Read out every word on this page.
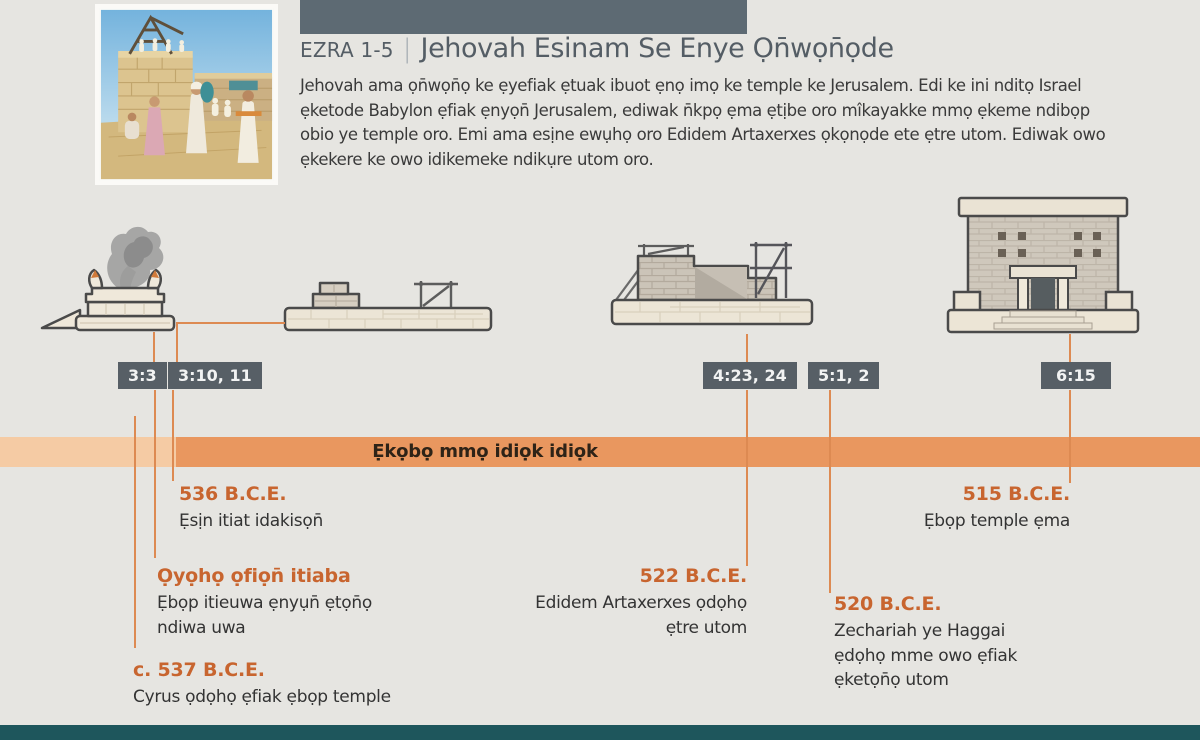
EZRA 1-5 | Jehovah Esinam Se Enye Ọn̄wọn̄ọde

Jehovah ama ọn̄wọn̄ọ ke ẹyefiak ẹtuak ibuot ẹnọ imọ ke temple ke Jerusalem. Edi ke ini nditọ Israel ẹketode Babylon ẹfiak ẹnyọn̄ Jerusalem, ediwak n̄kpọ ẹma ẹtịbe oro mîkayakke mmọ ẹkeme ndibọp obio ye temple oro. Emi ama esịne ewụhọ oro Edidem Artaxerxes ọkọnọde ete ẹtre utom. Ediwak owo ẹkekere ke owo idikemeke ndikụre utom oro.

Ẹkọbọ mmọ idiọk idiọk
3:3	3:10, 11	4:23, 24	5:1, 2	6:15
536 B.C.E.
Ẹsịn itiat idakisọn̄
Ọyọhọ ọfiọn̄ itiaba
Ẹbọp itieuwa ẹnyụn̄ ẹtọn̄ọ
ndiwa uwa
c. 537 B.C.E.
Cyrus ọdọhọ ẹfiak ẹbọp temple
522 B.C.E.
Edidem Artaxerxes ọdọhọ
ẹtre utom
520 B.C.E.
Zechariah ye Haggai
ẹdọhọ mme owo ẹfiak
ẹketọn̄ọ utom
515 B.C.E.
Ẹbọp temple ẹma
